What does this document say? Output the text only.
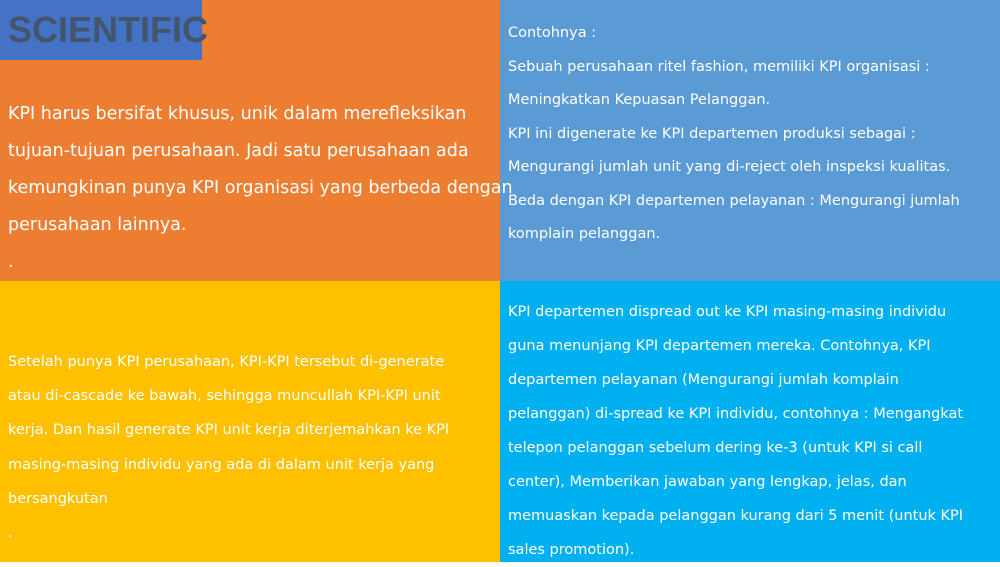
SCIENTIFIC
KPI harus bersifat khusus, unik dalam merefleksikan
tujuan-tujuan perusahaan. Jadi satu perusahaan ada
kemungkinan punya KPI organisasi yang berbeda dengan
perusahaan lainnya.
.
Contohnya :
Sebuah perusahaan ritel fashion, memiliki KPI organisasi :
Meningkatkan Kepuasan Pelanggan.
KPI ini digenerate ke KPI departemen produksi sebagai :
Mengurangi jumlah unit yang di-reject oleh inspeksi kualitas.
Beda dengan KPI departemen pelayanan : Mengurangi jumlah
komplain pelanggan.
Setelah punya KPI perusahaan, KPI-KPI tersebut di-generate
atau di-cascade ke bawah, sehingga muncullah KPI-KPI unit
kerja. Dan hasil generate KPI unit kerja diterjemahkan ke KPI
masing-masing individu yang ada di dalam unit kerja yang
bersangkutan
.
KPI departemen dispread out ke KPI masing-masing individu
guna menunjang KPI departemen mereka. Contohnya, KPI
departemen pelayanan (Mengurangi jumlah komplain
pelanggan) di-spread ke KPI individu, contohnya : Mengangkat
telepon pelanggan sebelum dering ke-3 (untuk KPI si call
center), Memberikan jawaban yang lengkap, jelas, dan
memuaskan kepada pelanggan kurang dari 5 menit (untuk KPI
sales promotion).
